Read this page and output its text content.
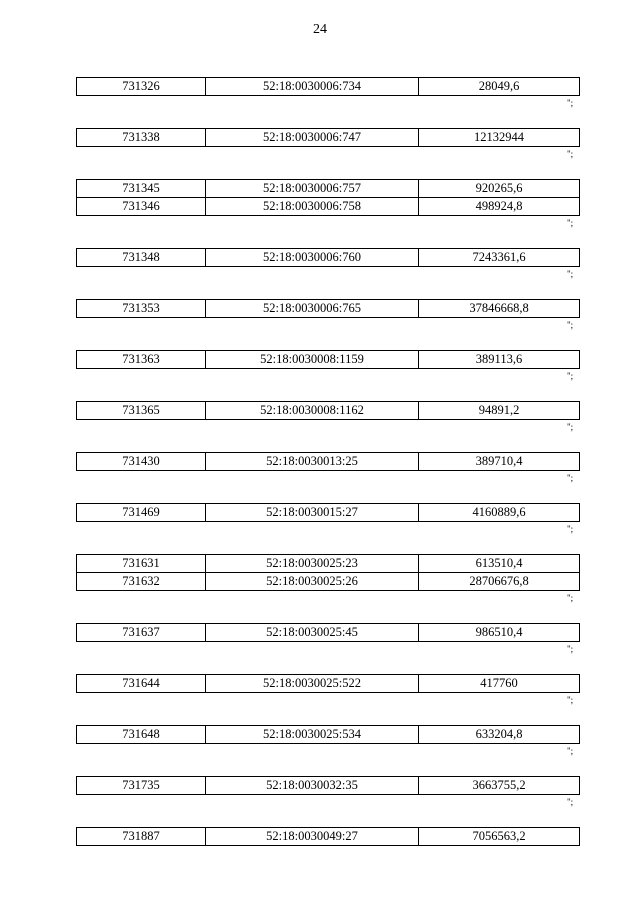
24
731326	52:18:0030006:734	28049,6
";
731338	52:18:0030006:747	12132944
";
731345	52:18:0030006:757	920265,6
731346	52:18:0030006:758	498924,8
";
731348	52:18:0030006:760	7243361,6
";
731353	52:18:0030006:765	37846668,8
";
731363	52:18:0030008:1159	389113,6
";
731365	52:18:0030008:1162	94891,2
";
731430	52:18:0030013:25	389710,4
";
731469	52:18:0030015:27	4160889,6
";
731631	52:18:0030025:23	613510,4
731632	52:18:0030025:26	28706676,8
";
731637	52:18:0030025:45	986510,4
";
731644	52:18:0030025:522	417760
";
731648	52:18:0030025:534	633204,8
";
731735	52:18:0030032:35	3663755,2
";
731887	52:18:0030049:27	7056563,2
